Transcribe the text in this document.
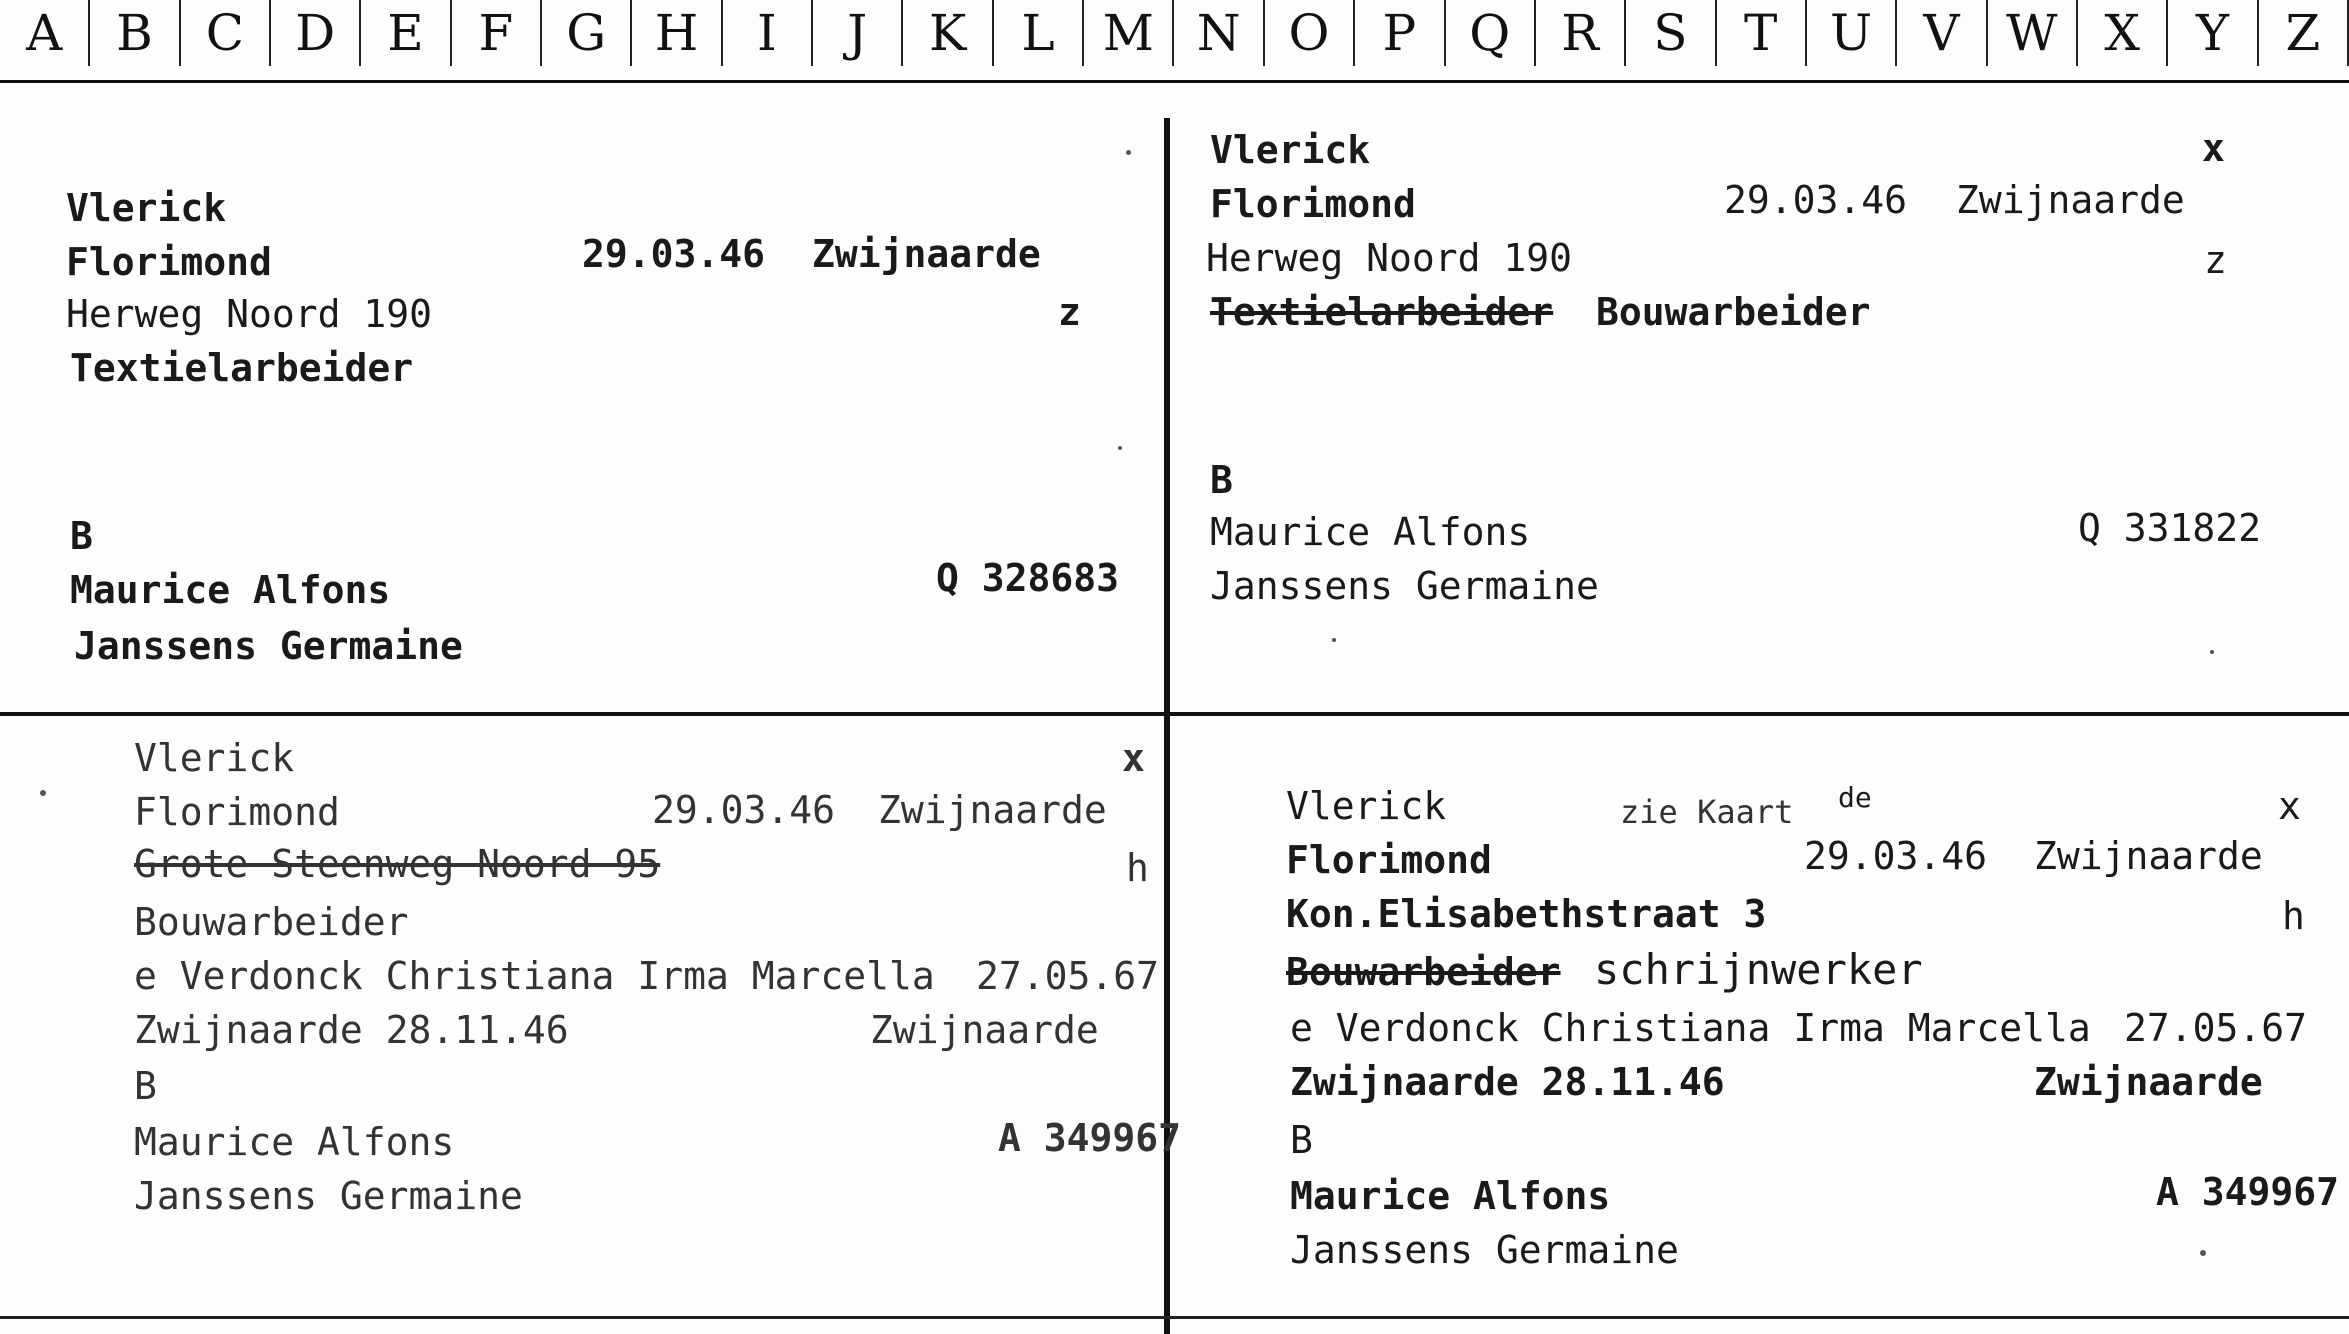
A	B	C	D	E	F	G H	I	J	K	L M N O	P	Q	R	S	T	U	V W X	Y	Z
Vlerick
Florimond	29.03.46 Zwijnaarde
Herweg Noord 190	z
Textielarbeider
B
Maurice Alfons	Q 328683
Janssens Germaine
Vlerick	x
Florimond	29.03.46 Zwijnaarde
Herweg Noord 190	z
Textielarbeider Bouwarbeider
B
Maurice Alfons	Q 331822
Janssens Germaine
Vlerick	x
Florimond	29.03.46 Zwijnaarde
Grote Steenweg Noord 95	h
Bouwarbeider
e Verdonck Christiana Irma Marcella 27.05.67
Zwijnaarde 28.11.46	Zwijnaarde
B
Maurice Alfons	A 349967
Janssens Germaine
Vlerick	zie Kaart de	x
Florimond	29.03.46 Zwijnaarde
Kon.Elisabethstraat 3	h
Bouwarbeider schrijnwerker
e Verdonck Christiana Irma Marcella 27.05.67
Zwijnaarde 28.11.46	Zwijnaarde
B
Maurice Alfons	A 349967
Janssens Germaine
